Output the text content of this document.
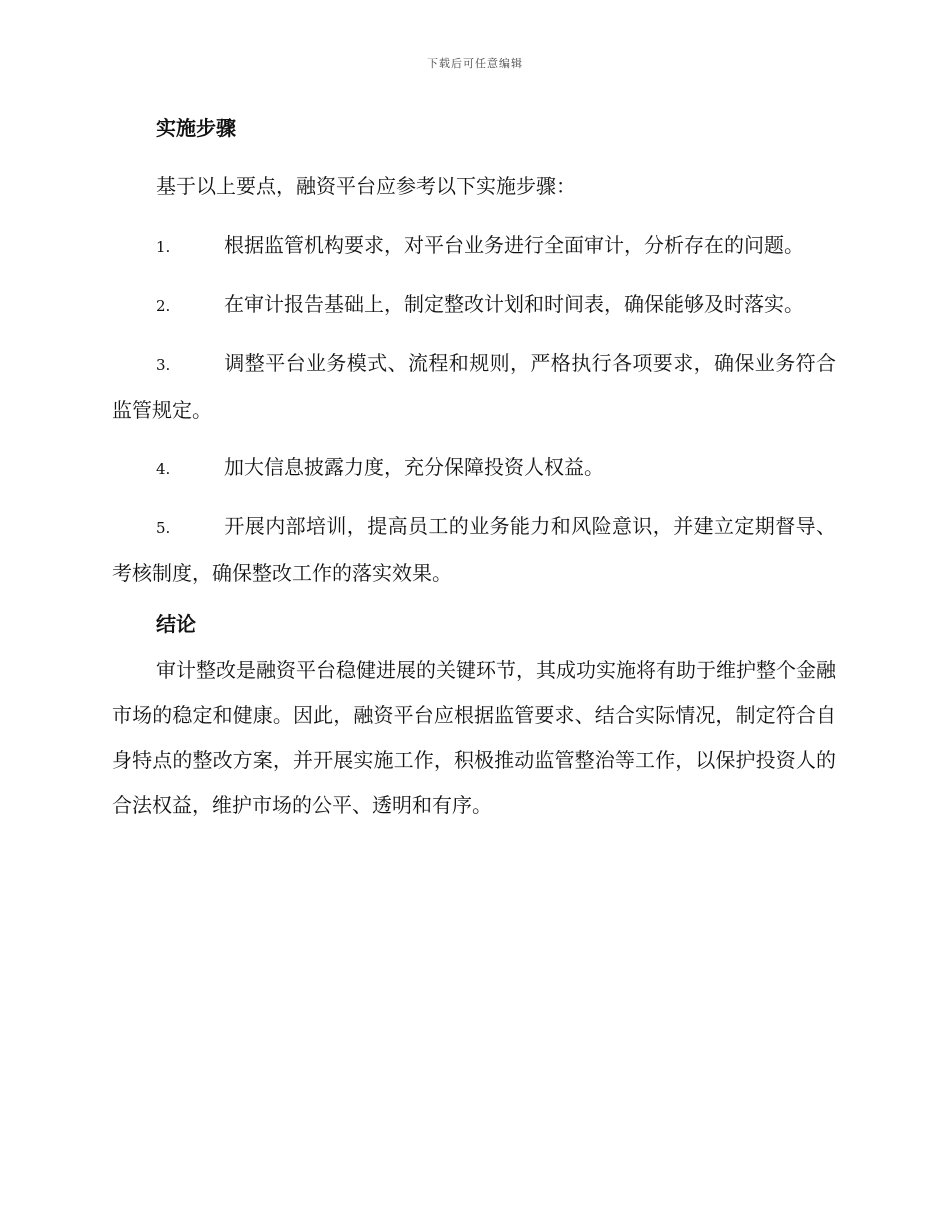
下载后可任意编辑
实施步骤

基于以上要点，融资平台应参考以下实施步骤：

1.	根据监管机构要求，对平台业务进行全面审计，分析存在的问题。

2.	在审计报告基础上，制定整改计划和时间表，确保能够及时落实。

3.	调整平台业务模式、流程和规则，严格执行各项要求，确保业务符合监管规定。

4.	加大信息披露力度，充分保障投资人权益。

5.	开展内部培训，提高员工的业务能力和风险意识，并建立定期督导、考核制度，确保整改工作的落实效果。

结论

审计整改是融资平台稳健进展的关键环节，其成功实施将有助于维护整个金融市场的稳定和健康。因此，融资平台应根据监管要求、结合实际情况，制定符合自身特点的整改方案，并开展实施工作，积极推动监管整治等工作，以保护投资人的合法权益，维护市场的公平、透明和有序。
